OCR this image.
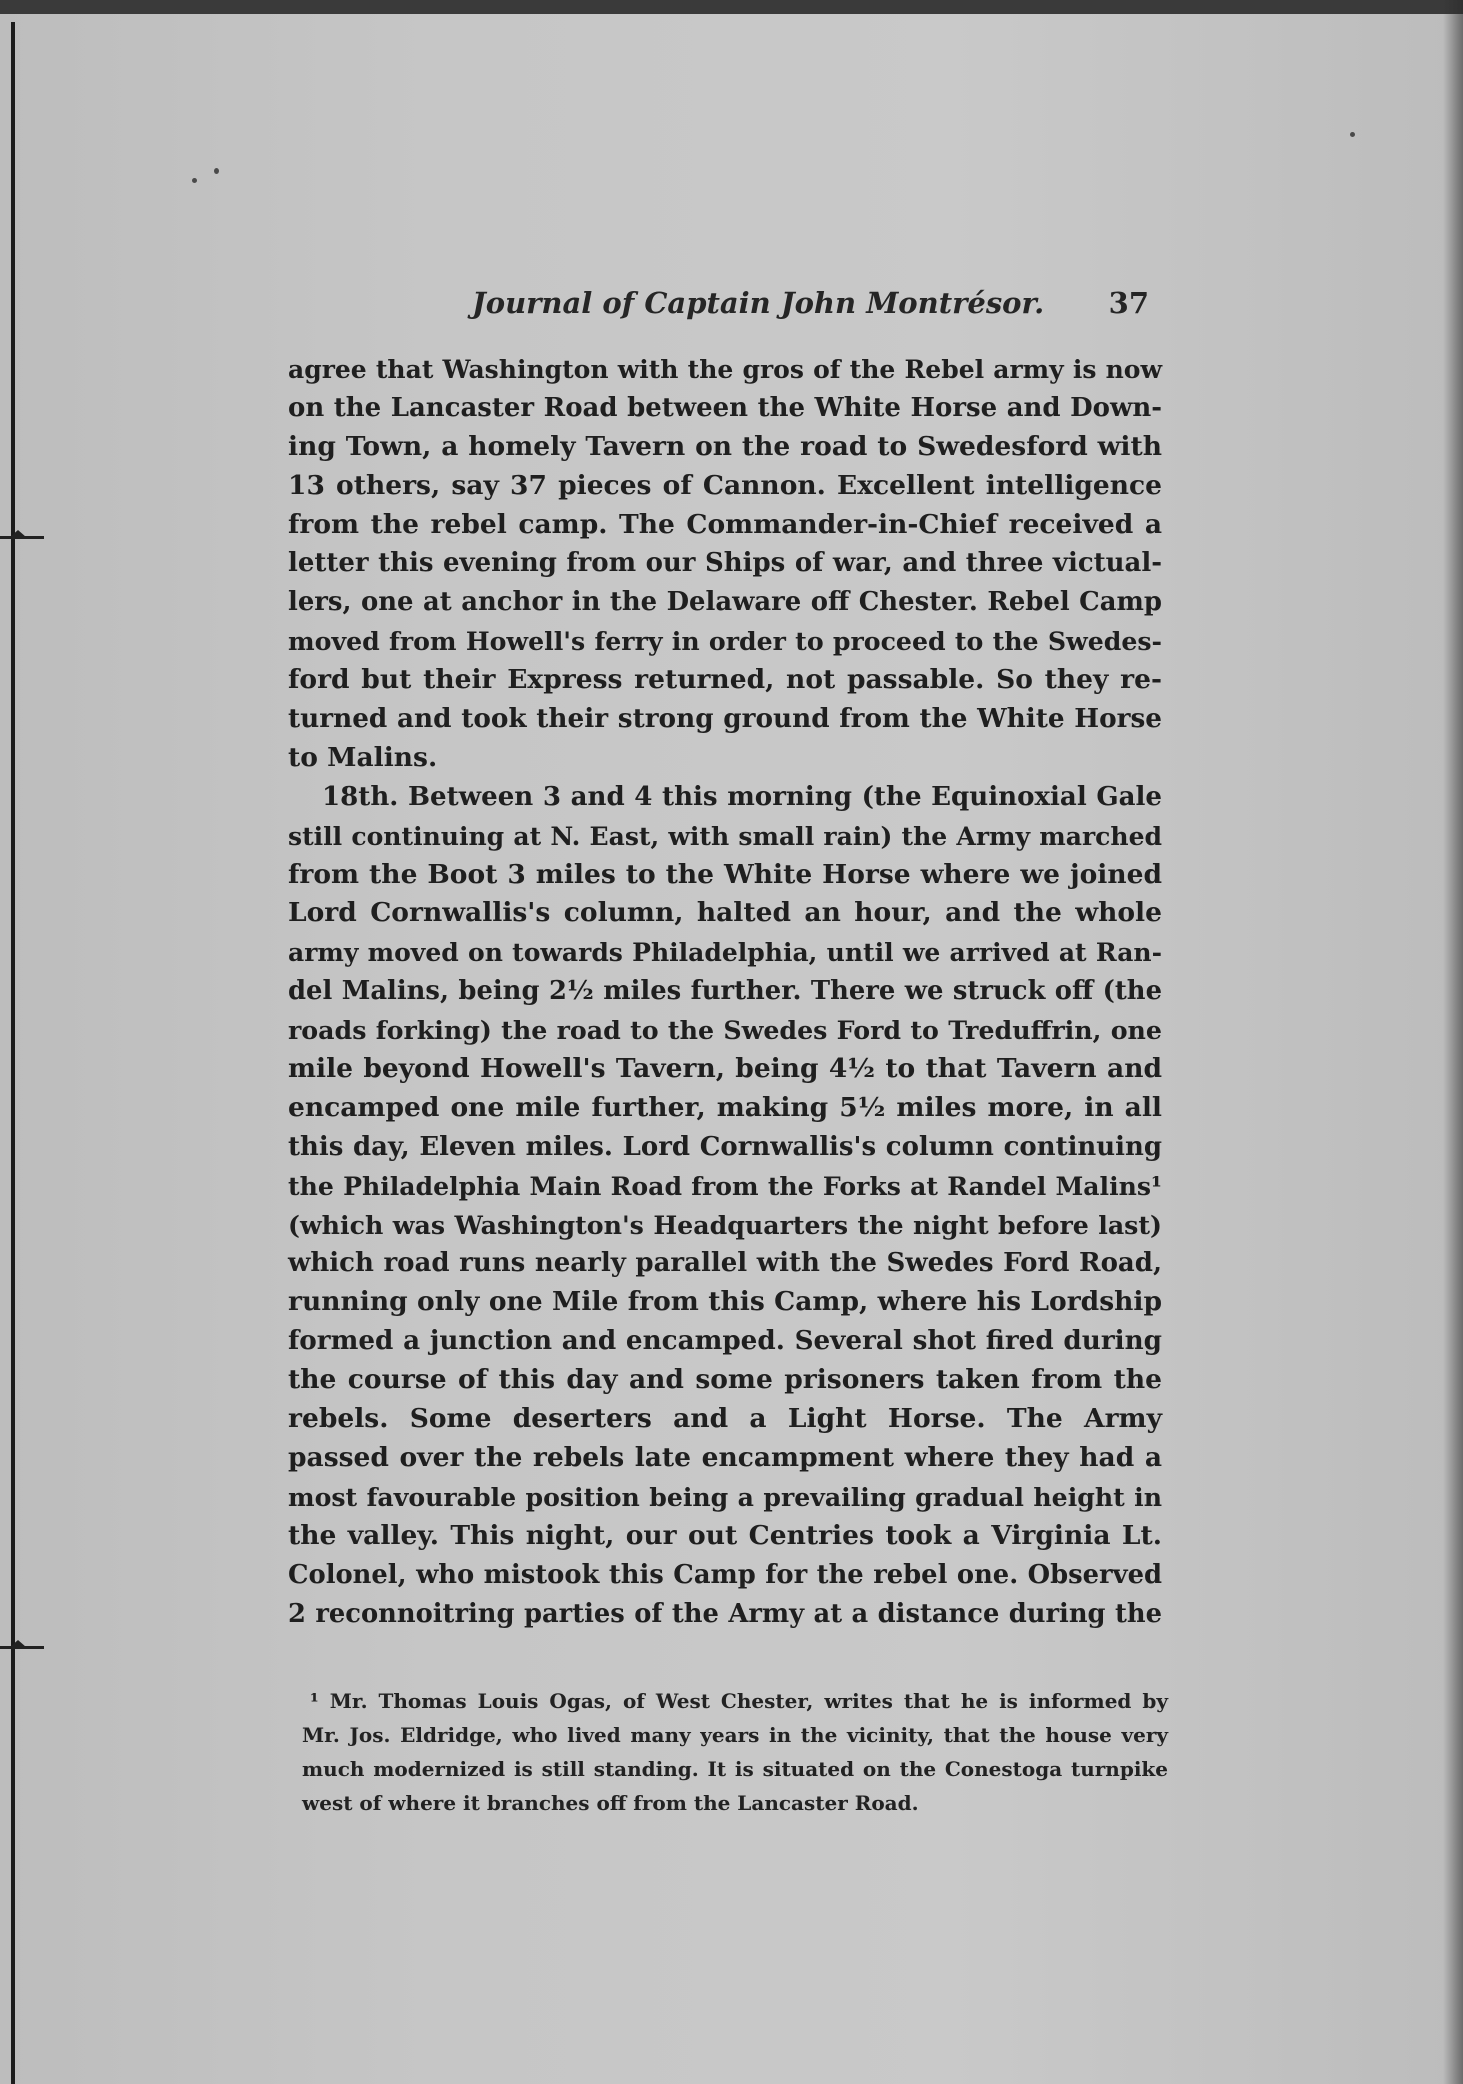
Journal of Captain John Montrésor. 37
agree that Washington with the gros of the Rebel army is now
on the Lancaster Road between the White Horse and Down-
ing Town, a homely Tavern on the road to Swedesford with
13 others, say 37 pieces of Cannon. Excellent intelligence
from the rebel camp. The Commander-in-Chief received a
letter this evening from our Ships of war, and three victual-
lers, one at anchor in the Delaware off Chester. Rebel Camp
moved from Howell's ferry in order to proceed to the Swedes-
ford but their Express returned, not passable. So they re-
turned and took their strong ground from the White Horse
to Malins.
18th. Between 3 and 4 this morning (the Equinoxial Gale
still continuing at N. East, with small rain) the Army marched
from the Boot 3 miles to the White Horse where we joined
Lord Cornwallis's column, halted an hour, and the whole
army moved on towards Philadelphia, until we arrived at Ran-
del Malins, being 2½ miles further. There we struck off (the
roads forking) the road to the Swedes Ford to Treduffrin, one
mile beyond Howell's Tavern, being 4½ to that Tavern and
encamped one mile further, making 5½ miles more, in all
this day, Eleven miles. Lord Cornwallis's column continuing
the Philadelphia Main Road from the Forks at Randel Malins¹
(which was Washington's Headquarters the night before last)
which road runs nearly parallel with the Swedes Ford Road,
running only one Mile from this Camp, where his Lordship
formed a junction and encamped. Several shot fired during
the course of this day and some prisoners taken from the
rebels. Some deserters and a Light Horse. The Army
passed over the rebels late encampment where they had a
most favourable position being a prevailing gradual height in
the valley. This night, our out Centries took a Virginia Lt.
Colonel, who mistook this Camp for the rebel one. Observed
2 reconnoitring parties of the Army at a distance during the
¹ Mr. Thomas Louis Ogas, of West Chester, writes that he is informed by
Mr. Jos. Eldridge, who lived many years in the vicinity, that the house very
much modernized is still standing. It is situated on the Conestoga turnpike
west of where it branches off from the Lancaster Road.
